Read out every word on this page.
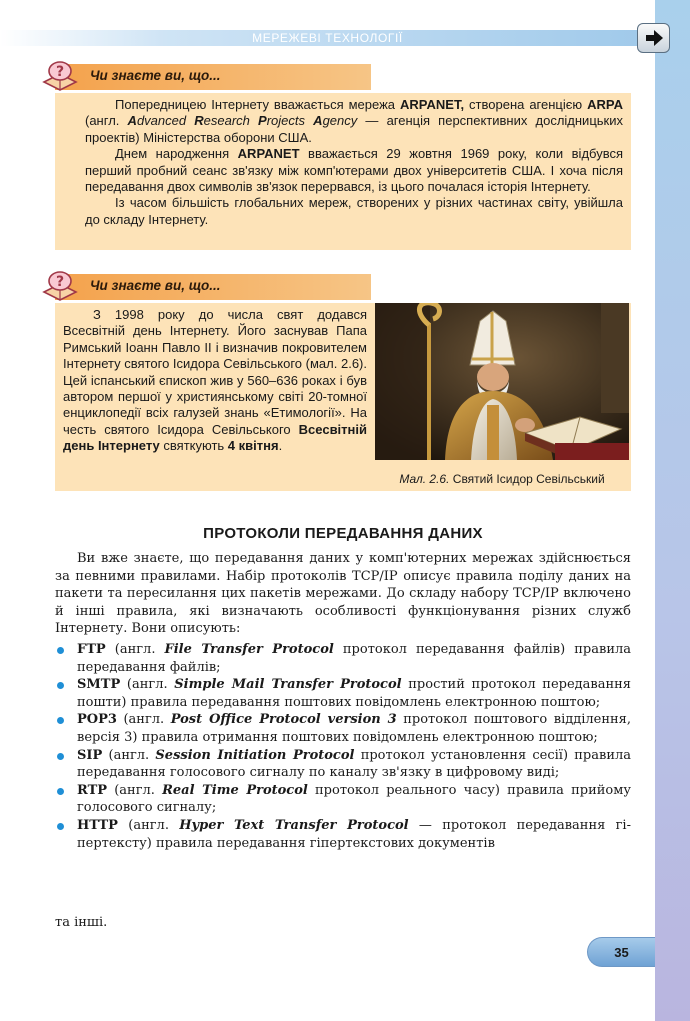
МЕРЕЖЕВІ ТЕХНОЛОГІЇ
? Чи знаєте ви, що...

Попередницею Інтернету вважається мережа ARPANET, створена агенцією ARPA (англ. Advanced Research Projects Agency — агенція перспективних дослідницьких проектів) Міністерства оборони США.

Днем народження ARPANET вважається 29 жовтня 1969 року, коли відбувся перший пробний сеанс зв'язку між комп'ютерами двох університетів США. І хоча після передавання двох символів зв'язок перервався, із цього почалася історія Інтернету.

Із часом більшість глобальних мереж, створених у різних частинах світу, увійшла до складу Інтернету.

? Чи знаєте ви, що...

З 1998 року до числа свят додався Всесвітній день Інтернету. Його заснував Папа Римський Іоанн Павло ІІ і визначив покровителем Інтернету святого Ісидора Севільського (мал. 2.6). Цей іспанський єпископ жив у 560–636 роках і був автором першої у християнському світі 20-томної енциклопедії всіх галузей знань «Етимології». На честь святого Ісидора Севільського Всесвітній день Інтернету святкують 4 квітня.

Мал. 2.6. Святий Ісидор Севільський
ПРОТОКОЛИ ПЕРЕДАВАННЯ ДАНИХ

Ви вже знаєте, що передавання даних у комп'ютерних мережах здійснюється за певними правилами. Набір протоколів TCP/IP описує правила поділу даних на пакети та пересилання цих пакетів мережами. До складу набору TCP/IP включено й інші правила, які визначають особливості функціонування різних служб Інтернету. Вони описують:

FTP (англ. File Transfer Protocol протокол передавання файлів) правила передавання файлів;
SMTP (англ. Simple Mail Transfer Protocol простий протокол передавання пошти) правила передавання поштових повідомлень електронною поштою;
POP3 (англ. Post Office Protocol version 3 протокол поштового відділення, версія 3) правила отримання поштових повідомлень електронною поштою;
SIP (англ. Session Initiation Protocol протокол установлення сесії) правила передавання голосового сигналу по каналу зв'язку в цифровому виді;
RTP (англ. Real Time Protocol протокол реального часу) правила прийому голосового сигналу;
HTTP (англ. Hyper Text Transfer Protocol — протокол передавання гіпертексту) правила передавання гіпертекстових документів
та інші.
35
